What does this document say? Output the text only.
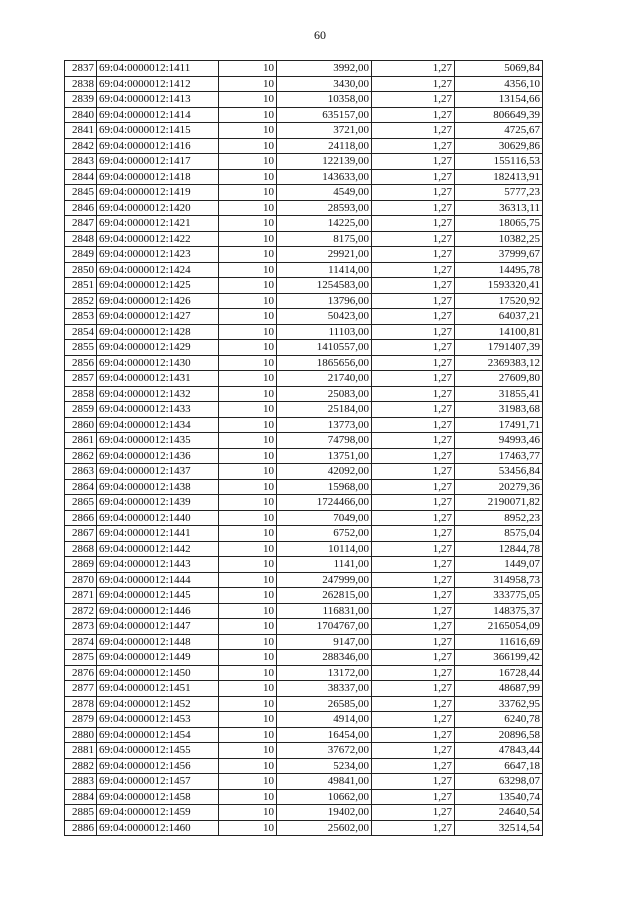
60
2837	69:04:0000012:1411	10	3992,00	1,27	5069,84
2838	69:04:0000012:1412	10	3430,00	1,27	4356,10
2839	69:04:0000012:1413	10	10358,00	1,27	13154,66
2840	69:04:0000012:1414	10	635157,00	1,27	806649,39
2841	69:04:0000012:1415	10	3721,00	1,27	4725,67
2842	69:04:0000012:1416	10	24118,00	1,27	30629,86
2843	69:04:0000012:1417	10	122139,00	1,27	155116,53
2844	69:04:0000012:1418	10	143633,00	1,27	182413,91
2845	69:04:0000012:1419	10	4549,00	1,27	5777,23
2846	69:04:0000012:1420	10	28593,00	1,27	36313,11
2847	69:04:0000012:1421	10	14225,00	1,27	18065,75
2848	69:04:0000012:1422	10	8175,00	1,27	10382,25
2849	69:04:0000012:1423	10	29921,00	1,27	37999,67
2850	69:04:0000012:1424	10	11414,00	1,27	14495,78
2851	69:04:0000012:1425	10	1254583,00	1,27	1593320,41
2852	69:04:0000012:1426	10	13796,00	1,27	17520,92
2853	69:04:0000012:1427	10	50423,00	1,27	64037,21
2854	69:04:0000012:1428	10	11103,00	1,27	14100,81
2855	69:04:0000012:1429	10	1410557,00	1,27	1791407,39
2856	69:04:0000012:1430	10	1865656,00	1,27	2369383,12
2857	69:04:0000012:1431	10	21740,00	1,27	27609,80
2858	69:04:0000012:1432	10	25083,00	1,27	31855,41
2859	69:04:0000012:1433	10	25184,00	1,27	31983,68
2860	69:04:0000012:1434	10	13773,00	1,27	17491,71
2861	69:04:0000012:1435	10	74798,00	1,27	94993,46
2862	69:04:0000012:1436	10	13751,00	1,27	17463,77
2863	69:04:0000012:1437	10	42092,00	1,27	53456,84
2864	69:04:0000012:1438	10	15968,00	1,27	20279,36
2865	69:04:0000012:1439	10	1724466,00	1,27	2190071,82
2866	69:04:0000012:1440	10	7049,00	1,27	8952,23
2867	69:04:0000012:1441	10	6752,00	1,27	8575,04
2868	69:04:0000012:1442	10	10114,00	1,27	12844,78
2869	69:04:0000012:1443	10	1141,00	1,27	1449,07
2870	69:04:0000012:1444	10	247999,00	1,27	314958,73
2871	69:04:0000012:1445	10	262815,00	1,27	333775,05
2872	69:04:0000012:1446	10	116831,00	1,27	148375,37
2873	69:04:0000012:1447	10	1704767,00	1,27	2165054,09
2874	69:04:0000012:1448	10	9147,00	1,27	11616,69
2875	69:04:0000012:1449	10	288346,00	1,27	366199,42
2876	69:04:0000012:1450	10	13172,00	1,27	16728,44
2877	69:04:0000012:1451	10	38337,00	1,27	48687,99
2878	69:04:0000012:1452	10	26585,00	1,27	33762,95
2879	69:04:0000012:1453	10	4914,00	1,27	6240,78
2880	69:04:0000012:1454	10	16454,00	1,27	20896,58
2881	69:04:0000012:1455	10	37672,00	1,27	47843,44
2882	69:04:0000012:1456	10	5234,00	1,27	6647,18
2883	69:04:0000012:1457	10	49841,00	1,27	63298,07
2884	69:04:0000012:1458	10	10662,00	1,27	13540,74
2885	69:04:0000012:1459	10	19402,00	1,27	24640,54
2886	69:04:0000012:1460	10	25602,00	1,27	32514,54
